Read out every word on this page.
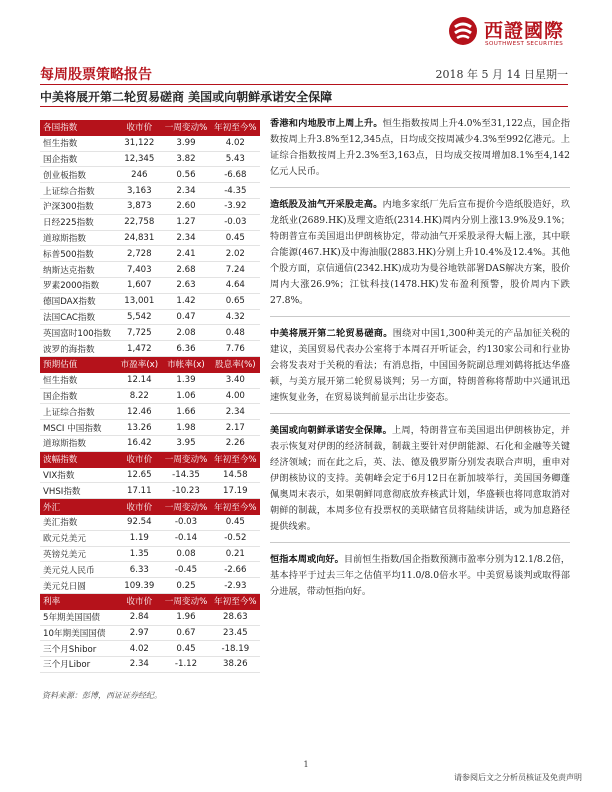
西證國際
SOUTHWEST SECURITIES
每周股票策略报告	2018 年 5 月 14 日星期一
中美将展开第二轮贸易磋商 美国或向朝鲜承诺安全保障
各国指数	收市价	一周变动%	年初至今%
恒生指数	31,122	3.99	4.02
国企指数	12,345	3.82	5.43
创业板指数	246	0.56	-6.68
上证综合指数	3,163	2.34	-4.35
沪深300指数	3,873	2.60	-3.92
日经225指数	22,758	1.27	-0.03
道琼斯指数	24,831	2.34	0.45
标普500指数	2,728	2.41	2.02
纳斯达克指数	7,403	2.68	7.24
罗素2000指数	1,607	2.63	4.64
德国DAX指数	13,001	1.42	0.65
法国CAC指数	5,542	0.47	4.32
英国富时100指数	7,725	2.08	0.48
波罗的海指数	1,472	6.36	7.76
预期估值	市盈率(x)	市帐率(x)	股息率(%)
恒生指数	12.14	1.39	3.40
国企指数	8.22	1.06	4.00
上证综合指数	12.46	1.66	2.34
MSCI 中国指数	13.26	1.98	2.17
道琼斯指数	16.42	3.95	2.26
波幅指数	收市价	一周变动%	年初至今%
VIX指数	12.65	-14.35	14.58
VHSI指数	17.11	-10.23	17.19
外汇	收市价	一周变动%	年初至今%
美汇指数	92.54	-0.03	0.45
欧元兑美元	1.19	-0.14	-0.52
英镑兑美元	1.35	0.08	0.21
美元兑人民币	6.33	-0.45	-2.66
美元兑日圆	109.39	0.25	-2.93
利率	收市价	一周变动%	年初至今%
5年期美国国债	2.84	1.96	28.63
10年期美国国债	2.97	0.67	23.45
三个月Shibor	4.02	0.45	-18.19
三个月Libor	2.34	-1.12	38.26
资料来源：彭博，西证证券经纪。

香港和内地股市上周上升。恒生指数按周上升4.0%至31,122点，国企指数按周上升3.8%至12,345点，日均成交按周减少4.3%至992亿港元。上证综合指数按周上升2.3%至3,163点，日均成交按周增加8.1%至4,142亿元人民币。

造纸股及油气开采股走高。内地多家纸厂先后宣布提价今造纸股造好，玖龙纸业(2689.HK)及理文造纸(2314.HK)周内分别上涨13.9%及9.1%；特朗普宣布美国退出伊朗核协定，带动油气开采股录得大幅上涨，其中联合能源(467.HK)及中海油服(2883.HK)分别上升10.4%及12.4%。其他个股方面，京信通信(2342.HK)成功为曼谷地铁部署DAS解决方案，股价周内大涨26.9%；江钛科技(1478.HK)发布盈利预警，股价周内下跌27.8%。

中美将展开第二轮贸易磋商。围绕对中国1,300种美元的产品加征关税的建议，美国贸易代表办公室将于本周召开听证会，约130家公司和行业协会将发表对于关税的看法；有消息指，中国国务院副总理刘鹤将抵达华盛顿，与美方展开第二轮贸易谈判；另一方面，特朗普称将帮助中兴通讯迅速恢复业务，在贸易谈判前显示出让步姿态。

美国或向朝鲜承诺安全保障。上周，特朗普宣布美国退出伊朗核协定，并表示恢复对伊朗的经济制裁，制裁主要针对伊朗能源、石化和金融等关键经济领域；而在此之后，英、法、德及俄罗斯分别发表联合声明，重申对伊朗核协议的支持。美朝峰会定于6月12日在新加坡举行，美国国务卿蓬佩奥周末表示，如果朝鲜同意彻底放弃核武计划，华盛顿也将同意取消对朝鲜的制裁，本周多位有投票权的美联储官员将陆续讲话，或为加息路径提供线索。

恒指本周或向好。目前恒生指数/国企指数预测市盈率分别为12.1/8.2倍，基本持平于过去三年之估值平均11.0/8.0倍水平。中美贸易谈判或取得部分进展，带动恒指向好。

1
请参阅后文之分析员核证及免责声明
